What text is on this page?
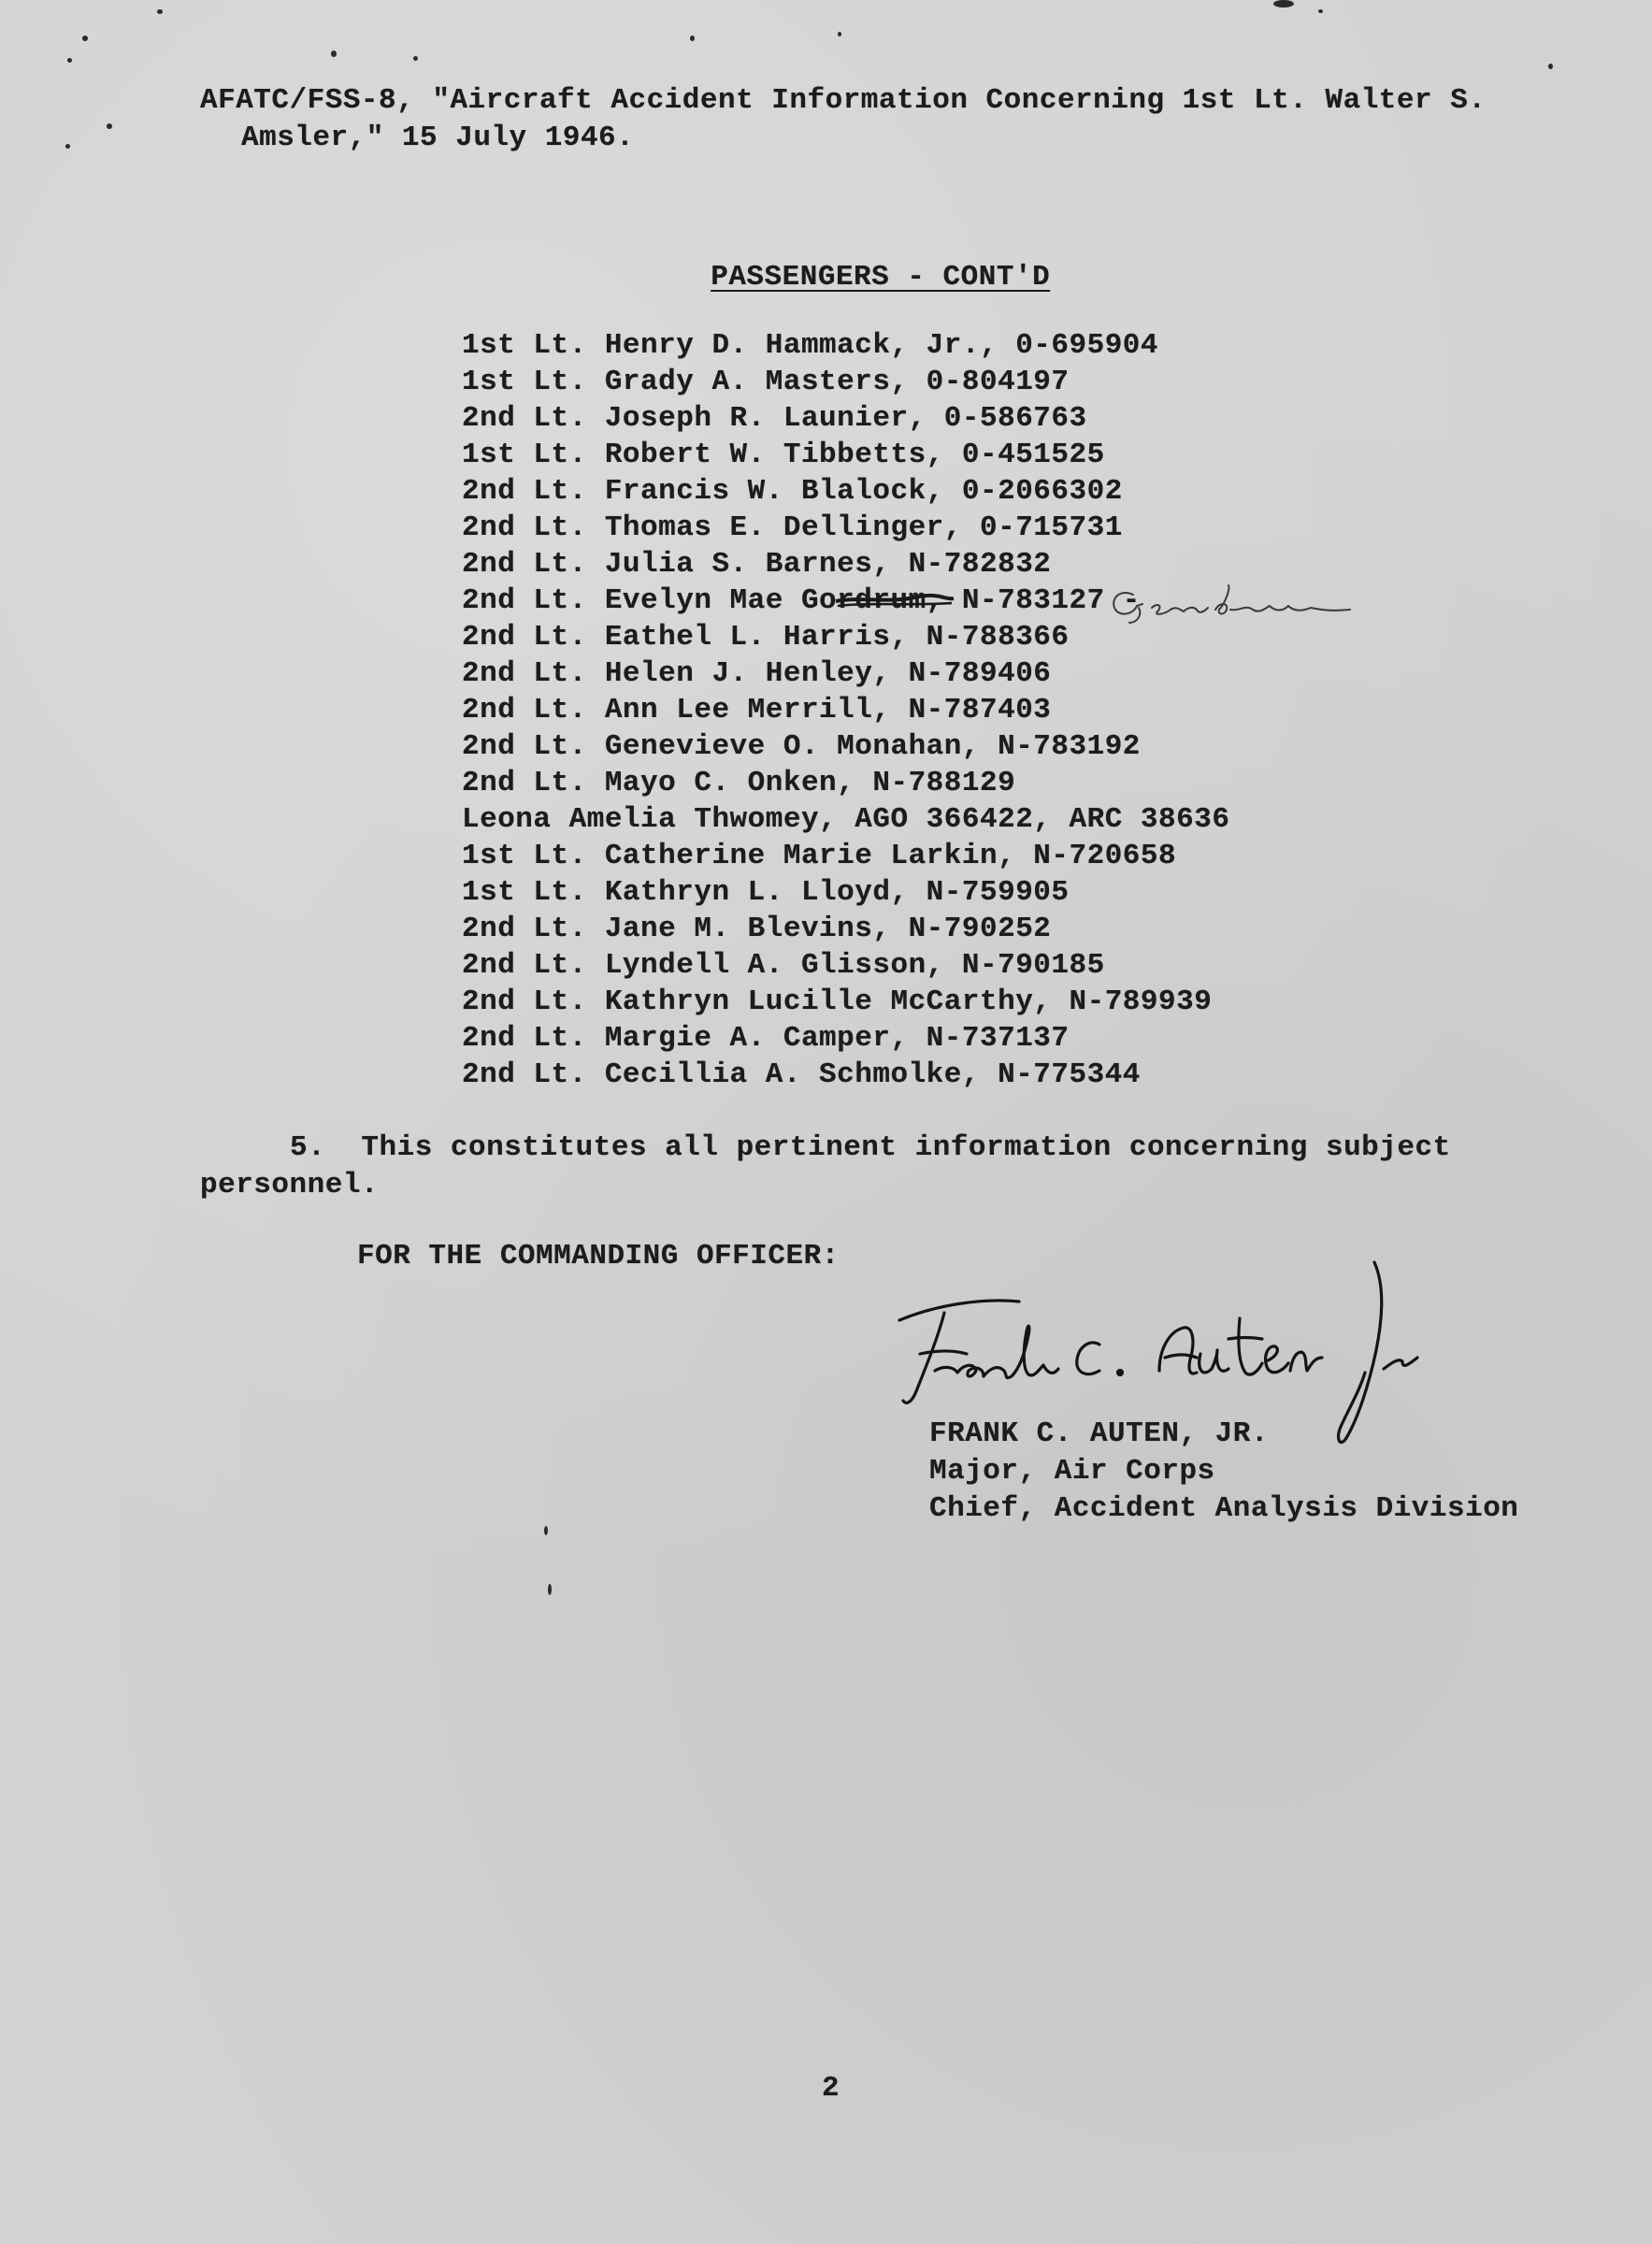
AFATC/FSS-8, "Aircraft Accident Information Concerning 1st Lt. Walter S.
Amsler," 15 July 1946.

PASSENGERS - CONT'D

1st Lt. Henry D. Hammack, Jr., 0-695904
1st Lt. Grady A. Masters, 0-804197
2nd Lt. Joseph R. Launier, 0-586763
1st Lt. Robert W. Tibbetts, 0-451525
2nd Lt. Francis W. Blalock, 0-2066302
2nd Lt. Thomas E. Dellinger, 0-715731
2nd Lt. Julia S. Barnes, N-782832
2nd Lt. Evelyn Mae Gordrum, N-783127 -
2nd Lt. Eathel L. Harris, N-788366
2nd Lt. Helen J. Henley, N-789406
2nd Lt. Ann Lee Merrill, N-787403
2nd Lt. Genevieve O. Monahan, N-783192
2nd Lt. Mayo C. Onken, N-788129
Leona Amelia Thwomey, AGO 366422, ARC 38636
1st Lt. Catherine Marie Larkin, N-720658
1st Lt. Kathryn L. Lloyd, N-759905
2nd Lt. Jane M. Blevins, N-790252
2nd Lt. Lyndell A. Glisson, N-790185
2nd Lt. Kathryn Lucille McCarthy, N-789939
2nd Lt. Margie A. Camper, N-737137
2nd Lt. Cecillia A. Schmolke, N-775344
5.  This constitutes all pertinent information concerning subject
personnel.
FOR THE COMMANDING OFFICER:
FRANK C. AUTEN, JR.
Major, Air Corps
Chief, Accident Analysis Division
2
